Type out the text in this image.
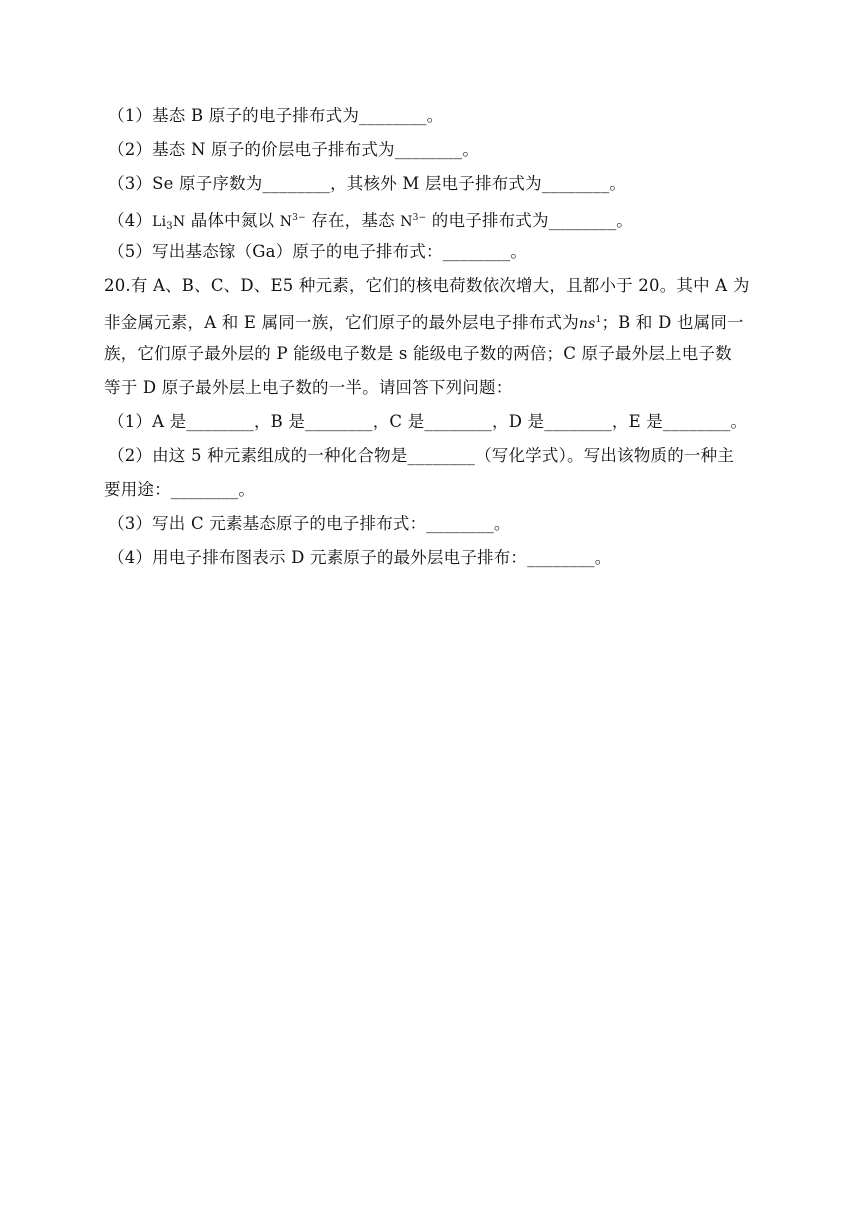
（1）基态 B 原子的电子排布式为________。
（2）基态 N 原子的价层电子排布式为________。
（3）Se 原子序数为________，其核外 M 层电子排布式为________。
$(4)Li_3N$ 晶体中氮以 $N^{3-}$ 存在，基态 $N^{3-}$ 的电子排布式为________。
（5）写出基态镓（Ga）原子的电子排布式：________。
20.有 A、B、C、D、E5 种元素，它们的核电荷数依次增大，且都小于 20。其中 A 为
非金属元素，A 和 E 属同一族，它们原子的最外层电子排布式为$ns^1$；B 和 D 也属同一
族，它们原子最外层的 P 能级电子数是 s 能级电子数的两倍；C 原子最外层上电子数
等于 D 原子最外层上电子数的一半。请回答下列问题：
（1）A 是________，B 是________，C 是________，D 是________，E 是________。
（2）由这 5 种元素组成的一种化合物是________（写化学式）。写出该物质的一种主
要用途：________。
（3）写出 C 元素基态原子的电子排布式：________。
（4）用电子排布图表示 D 元素原子的最外层电子排布：________。
